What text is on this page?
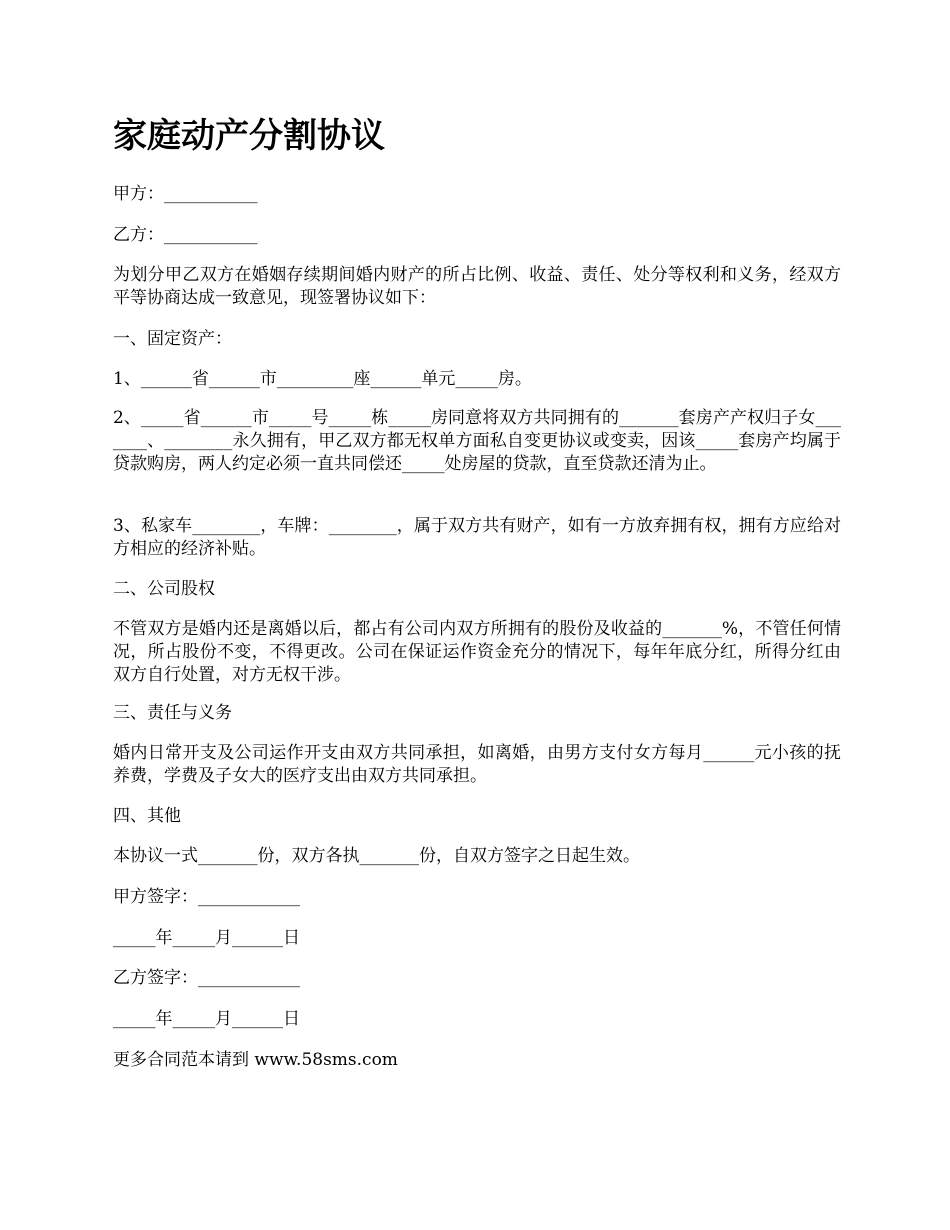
家庭动产分割协议

甲方：___________

乙方：___________

为划分甲乙双方在婚姻存续期间婚内财产的所占比例、收益、责任、处分等权利和义务，经双方平等协商达成一致意见，现签署协议如下：

一、固定资产：

1、______省______市_________座______单元_____房。

2、_____省______市_____号_____栋_____房同意将双方共同拥有的_______套房产产权归子女_______、________永久拥有，甲乙双方都无权单方面私自变更协议或变卖，因该_____套房产均属于贷款购房，两人约定必须一直共同偿还_____处房屋的贷款，直至贷款还清为止。

3、私家车________，车牌：________，属于双方共有财产，如有一方放弃拥有权，拥有方应给对方相应的经济补贴。

二、公司股权

不管双方是婚内还是离婚以后，都占有公司内双方所拥有的股份及收益的_______%，不管任何情况，所占股份不变，不得更改。公司在保证运作资金充分的情况下，每年年底分红，所得分红由双方自行处置，对方无权干涉。

三、责任与义务

婚内日常开支及公司运作开支由双方共同承担，如离婚，由男方支付女方每月______元小孩的抚养费，学费及子女大的医疗支出由双方共同承担。

四、其他

本协议一式_______份，双方各执_______份，自双方签字之日起生效。

甲方签字：____________

_____年_____月______日

乙方签字：____________

_____年_____月______日

更多合同范本请到 www.58sms.com
